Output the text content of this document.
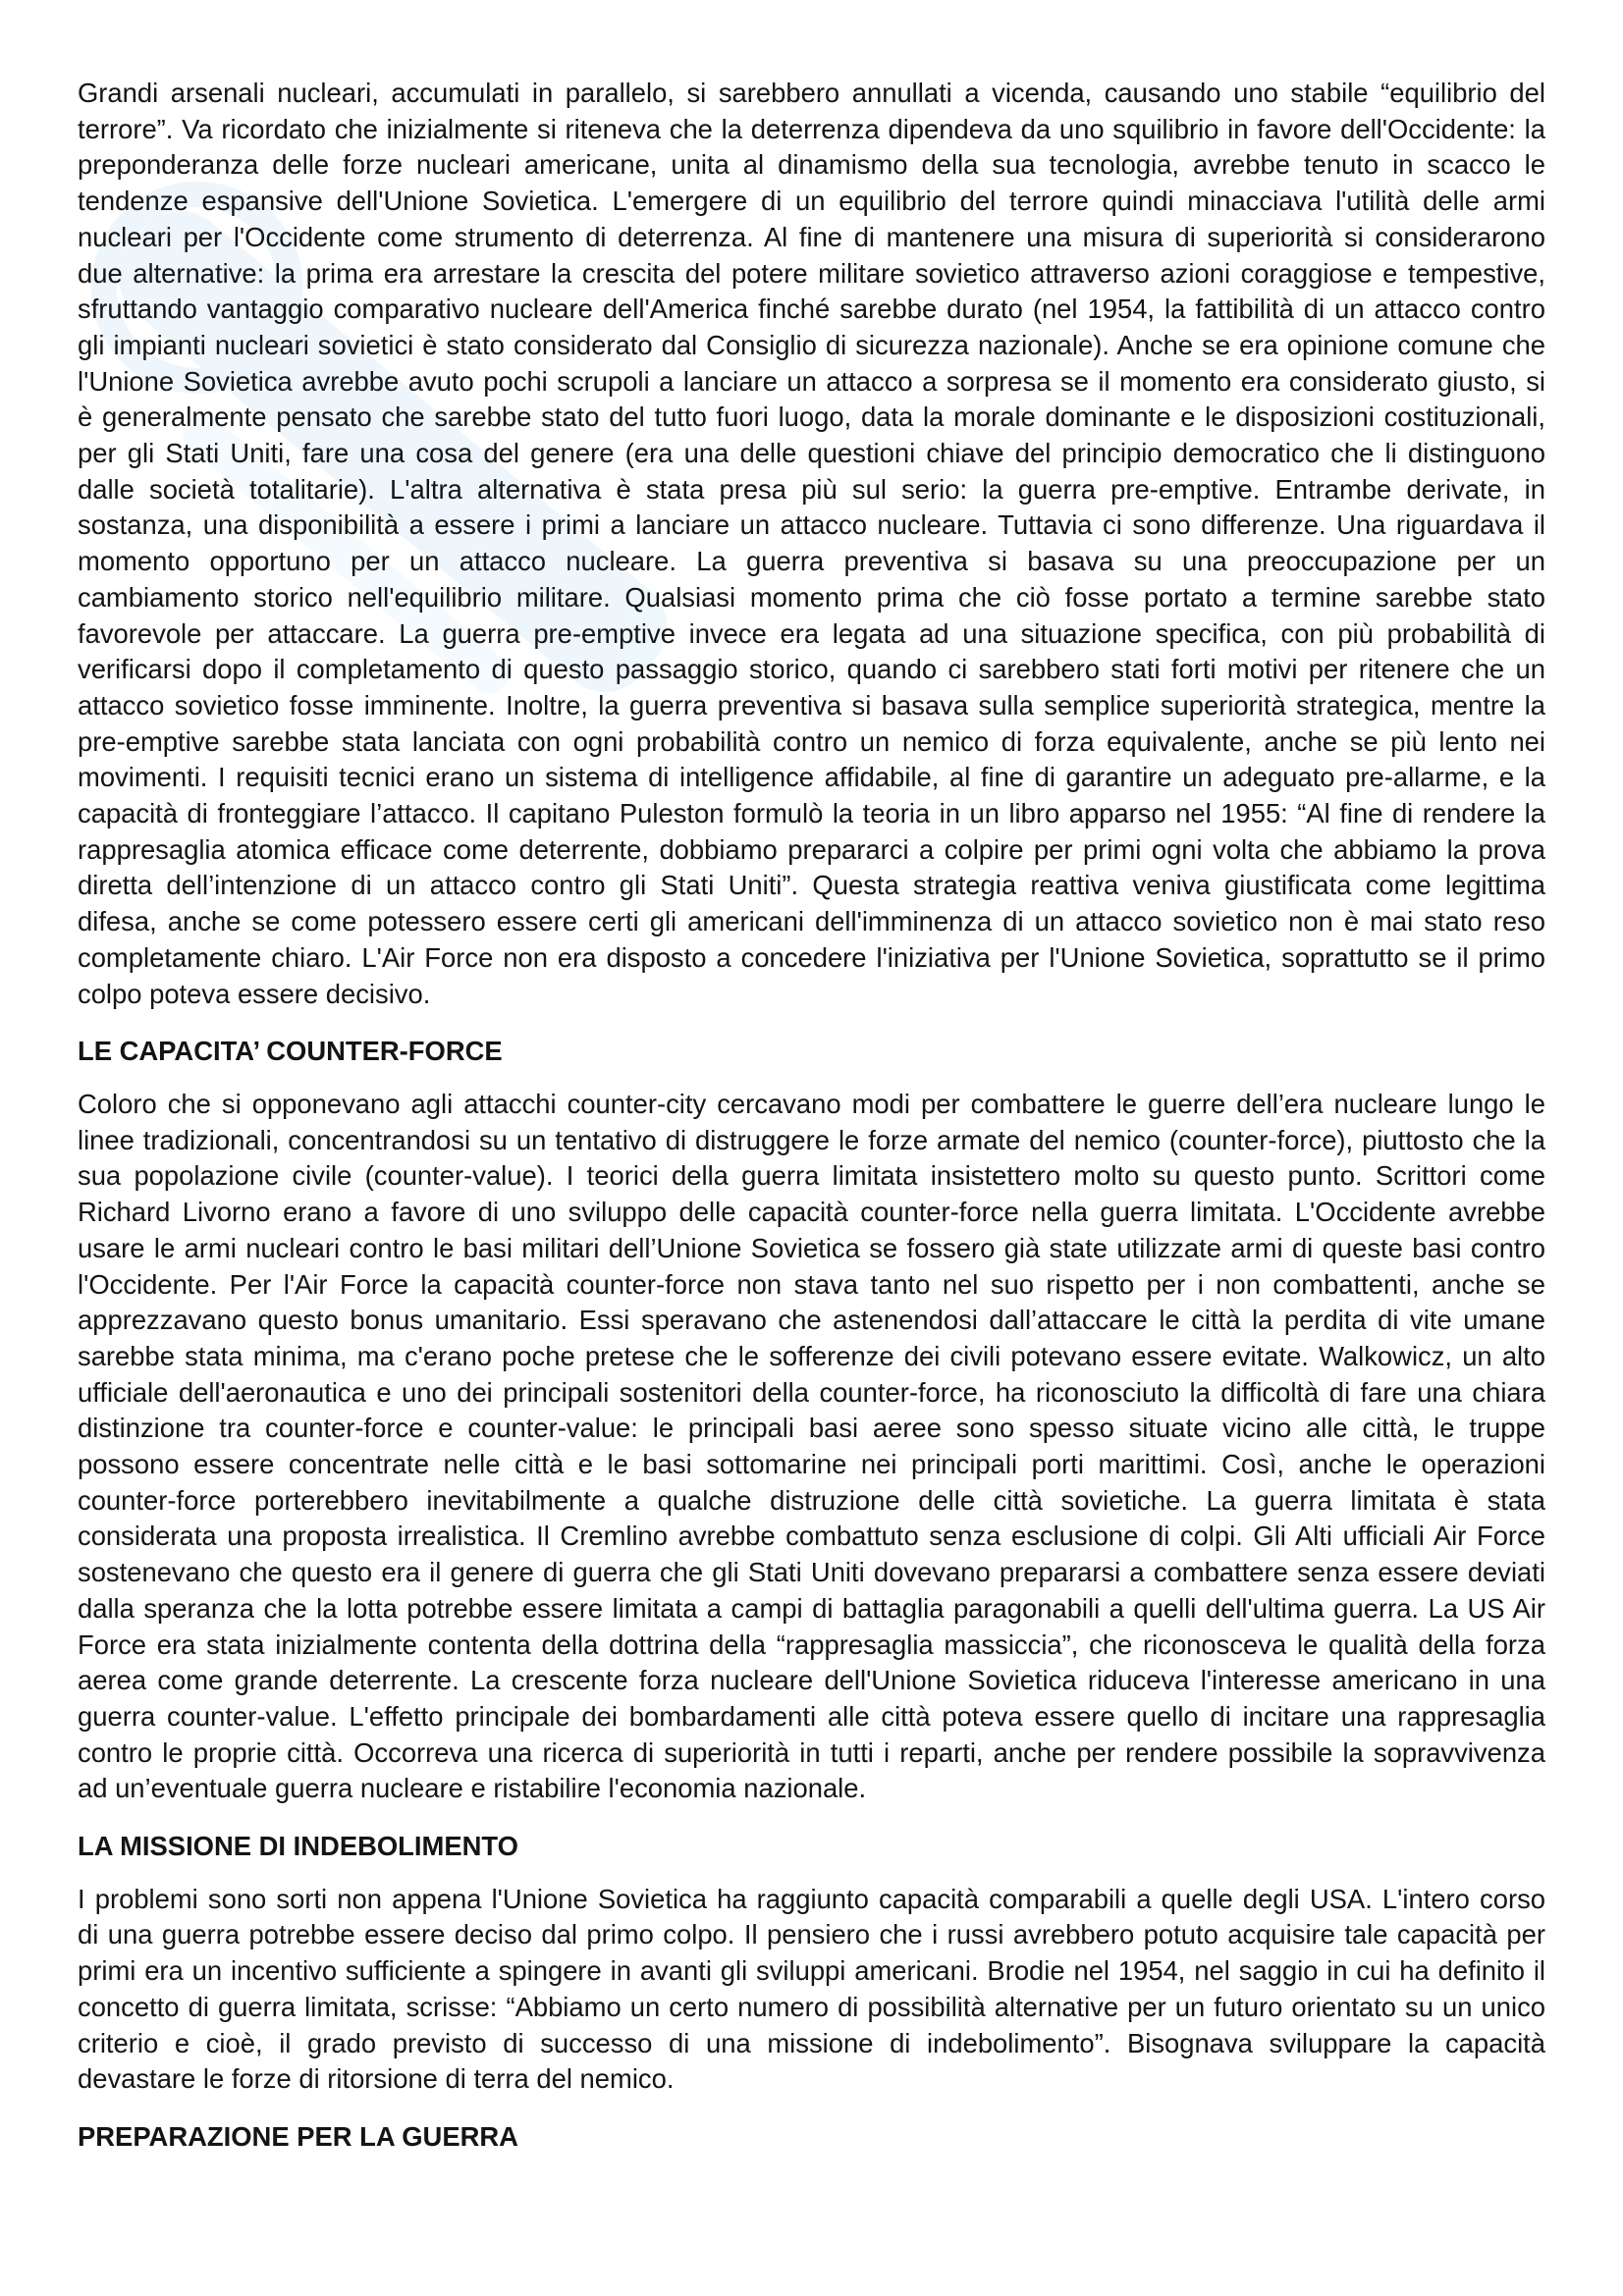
Grandi arsenali nucleari, accumulati in parallelo, si sarebbero annullati a vicenda, causando uno stabile “equilibrio del
terrore”. Va ricordato che inizialmente si riteneva che la deterrenza dipendeva da uno squilibrio in favore dell'Occidente: la
preponderanza delle forze nucleari americane, unita al dinamismo della sua tecnologia, avrebbe tenuto in scacco le
tendenze espansive dell'Unione Sovietica. L'emergere di un equilibrio del terrore quindi minacciava l'utilità delle armi
nucleari per l'Occidente come strumento di deterrenza. Al fine di mantenere una misura di superiorità si considerarono
due alternative: la prima era arrestare la crescita del potere militare sovietico attraverso azioni coraggiose e tempestive,
sfruttando vantaggio comparativo nucleare dell'America finché sarebbe durato (nel 1954, la fattibilità di un attacco contro
gli impianti nucleari sovietici è stato considerato dal Consiglio di sicurezza nazionale). Anche se era opinione comune che
l'Unione Sovietica avrebbe avuto pochi scrupoli a lanciare un attacco a sorpresa se il momento era considerato giusto, si
è generalmente pensato che sarebbe stato del tutto fuori luogo, data la morale dominante e le disposizioni costituzionali,
per gli Stati Uniti, fare una cosa del genere (era una delle questioni chiave del principio democratico che li distinguono
dalle società totalitarie). L'altra alternativa è stata presa più sul serio: la guerra pre-emptive. Entrambe derivate, in
sostanza, una disponibilità a essere i primi a lanciare un attacco nucleare. Tuttavia ci sono differenze. Una riguardava il
momento opportuno per un attacco nucleare. La guerra preventiva si basava su una preoccupazione per un
cambiamento storico nell'equilibrio militare. Qualsiasi momento prima che ciò fosse portato a termine sarebbe stato
favorevole per attaccare. La guerra pre-emptive invece era legata ad una situazione specifica, con più probabilità di
verificarsi dopo il completamento di questo passaggio storico, quando ci sarebbero stati forti motivi per ritenere che un
attacco sovietico fosse imminente. Inoltre, la guerra preventiva si basava sulla semplice superiorità strategica, mentre la
pre-emptive sarebbe stata lanciata con ogni probabilità contro un nemico di forza equivalente, anche se più lento nei
movimenti. I requisiti tecnici erano un sistema di intelligence affidabile, al fine di garantire un adeguato pre-allarme, e la
capacità di fronteggiare l’attacco. Il capitano Puleston formulò la teoria in un libro apparso nel 1955: “Al fine di rendere la
rappresaglia atomica efficace come deterrente, dobbiamo prepararci a colpire per primi ogni volta che abbiamo la prova
diretta dell’intenzione di un attacco contro gli Stati Uniti”. Questa strategia reattiva veniva giustificata come legittima
difesa, anche se come potessero essere certi gli americani dell'imminenza di un attacco sovietico non è mai stato reso
completamente chiaro. L'Air Force non era disposto a concedere l'iniziativa per l'Unione Sovietica, soprattutto se il primo
colpo poteva essere decisivo.
LE CAPACITA’ COUNTER-FORCE
Coloro che si opponevano agli attacchi counter-city cercavano modi per combattere le guerre dell’era nucleare lungo le
linee tradizionali, concentrandosi su un tentativo di distruggere le forze armate del nemico (counter-force), piuttosto che la
sua popolazione civile (counter-value). I teorici della guerra limitata insistettero molto su questo punto. Scrittori come
Richard Livorno erano a favore di uno sviluppo delle capacità counter-force nella guerra limitata. L'Occidente avrebbe
usare le armi nucleari contro le basi militari dell’Unione Sovietica se fossero già state utilizzate armi di queste basi contro
l'Occidente. Per l'Air Force la capacità counter-force non stava tanto nel suo rispetto per i non combattenti, anche se
apprezzavano questo bonus umanitario. Essi speravano che astenendosi dall’attaccare le città la perdita di vite umane
sarebbe stata minima, ma c'erano poche pretese che le sofferenze dei civili potevano essere evitate. Walkowicz, un alto
ufficiale dell'aeronautica e uno dei principali sostenitori della counter-force, ha riconosciuto la difficoltà di fare una chiara
distinzione tra counter-force e counter-value: le principali basi aeree sono spesso situate vicino alle città, le truppe
possono essere concentrate nelle città e le basi sottomarine nei principali porti marittimi. Così, anche le operazioni
counter-force porterebbero inevitabilmente a qualche distruzione delle città sovietiche. La guerra limitata è stata
considerata una proposta irrealistica. Il Cremlino avrebbe combattuto senza esclusione di colpi. Gli Alti ufficiali Air Force
sostenevano che questo era il genere di guerra che gli Stati Uniti dovevano prepararsi a combattere senza essere deviati
dalla speranza che la lotta potrebbe essere limitata a campi di battaglia paragonabili a quelli dell'ultima guerra. La US Air
Force era stata inizialmente contenta della dottrina della “rappresaglia massiccia”, che riconosceva le qualità della forza
aerea come grande deterrente. La crescente forza nucleare dell'Unione Sovietica riduceva l'interesse americano in una
guerra counter-value. L'effetto principale dei bombardamenti alle città poteva essere quello di incitare una rappresaglia
contro le proprie città. Occorreva una ricerca di superiorità in tutti i reparti, anche per rendere possibile la sopravvivenza
ad un’eventuale guerra nucleare e ristabilire l'economia nazionale.
LA MISSIONE DI INDEBOLIMENTO
I problemi sono sorti non appena l'Unione Sovietica ha raggiunto capacità comparabili a quelle degli USA. L'intero corso
di una guerra potrebbe essere deciso dal primo colpo. Il pensiero che i russi avrebbero potuto acquisire tale capacità per
primi era un incentivo sufficiente a spingere in avanti gli sviluppi americani. Brodie nel 1954, nel saggio in cui ha definito il
concetto di guerra limitata, scrisse: “Abbiamo un certo numero di possibilità alternative per un futuro orientato su un unico
criterio e cioè, il grado previsto di successo di una missione di indebolimento”. Bisognava sviluppare la capacità
devastare le forze di ritorsione di terra del nemico.
PREPARAZIONE PER LA GUERRA
